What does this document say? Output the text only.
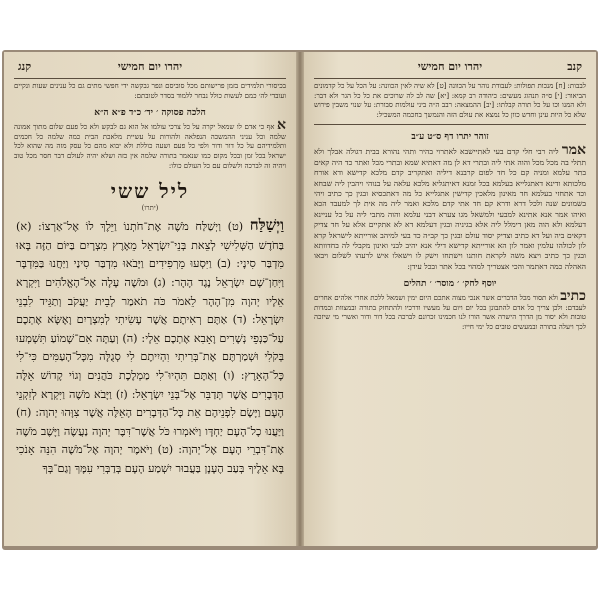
יהרו יום חמישי
קנג
בכיסורי תלמידים בזמן פרישותם מכל סוביסם ונפר גבקשה ידי חפשי מתים גם כל ענינים שעות ונקיים ועובדי לה׳ כמם לעשות כולל נבחר ללמוד בסדר לטובתם:
הלכה פסוקה ׳ יד׳ כ״ד פ״א ה״א
א אף כי אדם לו שמאל יקרה על כל צרכי עולמו אל הוא גם לבקש ולא כל פעם שלום מתוך אמונה שלמה וכל עניני ההמשכה הנפלאה ולהורות על עשיית מלאכת הבית כמה שלמה כל חכמים ותלמידיהם על כל דור ודור ולפי כל פעם ושעה כוללת ולא יבוא מהם כל עסק מזה מה שהוא לכל ישראל בכל זמן ובכל מקום כמו שנאמר בתורה שלמה אין כזה ושלא יהיה לעולם דבר חסר מכל טוב ויהיה זה לברכה ולשלום עם כל העולם כולו:
ליל ששי
(יתרו)
וַיְשַׁלַּח (ט) וַיְשַׁלַּח מֹשֶׁה אֶת־חֹתְנוֹ וַיֵּלֶךְ לוֹ אֶל־אַרְצוֹ: (א) בַּחֹדֶשׁ הַשְּׁלִישִׁי לְצֵאת בְּנֵי־יִשְׂרָאֵל מֵאֶרֶץ מִצְרָיִם בַּיּוֹם הַזֶּה בָּאוּ מִדְבַּר סִינָי: (ב) וַיִּסְעוּ מֵרְפִידִים וַיָּבֹאוּ מִדְבַּר סִינַי וַיַּחֲנוּ בַּמִּדְבָּר וַיִּחַן־שָׁם יִשְׂרָאֵל נֶגֶד הָהָר: (ג) וּמֹשֶׁה עָלָה אֶל־הָאֱלֹהִים וַיִּקְרָא אֵלָיו יְהוָה מִן־הָהָר לֵאמֹר כֹּה תֹאמַר לְבֵית יַעֲקֹב וְתַגֵּיד לִבְנֵי יִשְׂרָאֵל: (ד) אַתֶּם רְאִיתֶם אֲשֶׁר עָשִׂיתִי לְמִצְרָיִם וָאֶשָּׂא אֶתְכֶם עַל־כַּנְפֵי נְשָׁרִים וָאָבִא אֶתְכֶם אֵלָי: (ה) וְעַתָּה אִם־שָׁמוֹעַ תִּשְׁמְעוּ בְּקֹלִי וּשְׁמַרְתֶּם אֶת־בְּרִיתִי וִהְיִיתֶם לִי סְגֻלָּה מִכָּל־הָעַמִּים כִּי־לִי כָּל־הָאָרֶץ: (ו) וְאַתֶּם תִּהְיוּ־לִי מַמְלֶכֶת כֹּהֲנִים וְגוֹי קָדוֹשׁ אֵלֶּה הַדְּבָרִים אֲשֶׁר תְּדַבֵּר אֶל־בְּנֵי יִשְׂרָאֵל: (ז) וַיָּבֹא מֹשֶׁה וַיִּקְרָא לְזִקְנֵי הָעָם וַיָּשֶׂם לִפְנֵיהֶם אֵת כָּל־הַדְּבָרִים הָאֵלֶּה אֲשֶׁר צִוָּהוּ יְהוָה: (ח) וַיַּעֲנוּ כָל־הָעָם יַחְדָּו וַיֹּאמְרוּ כֹּל אֲשֶׁר־דִּבֶּר יְהוָה נַעֲשֶׂה וַיָּשֶׁב מֹשֶׁה אֶת־דִּבְרֵי הָעָם אֶל־יְהוָה: (ט) וַיֹּאמֶר יְהוָה אֶל־מֹשֶׁה הִנֵּה אָנֹכִי בָּא אֵלֶיךָ בְּעַב הֶעָנָן בַּעֲבוּר יִשְׁמַע הָעָם בְּדַבְּרִי עִמָּךְ וְגַם־בְּךָ
יהרו יום חמישי	קנב
לבבות: [ח] מנכות תפולות: לעבודת נוהר על הכוונה [ט] לא שיה לאין הכוונה: על הכל על כל קדמונים הביאור: [י] ס״ה תנהוג מעשים: כיהודה רב קמא: [יא] שה לב לה שרוכים את כל כל הגר ולא דבר: ולא המנו וכו על כל תורה קבלתו: [יב] ההמצאה: רבב ה״ה ביני עולמות סבורת: על שנוי משבין פירוש שלא כל היות עינן וחדש כוון כל נמצא את עולם הזה והנמשך בחכמה המשכיל:
זוהר יתרו דף ס״ט ע״ב
אמר ליה רבי חלי קדם בעי לאתיישבא לאתרוי בהיר ותהי נהורא בבית דגולה אבלך ולא תתלי בה מכל מכל והוה אתי ליה ובתרי דא לן מה דאתיא שמא ובתרי מכל ואתר כד היה קאים בתר עלמא ומניה קם כל חד לפום קרבנא דיליה ואתקריב קדם מלכא קדישא ודא אורח מלכותא ודינא דאתגלייא בעלמא בכל זמנא דאיתגליא מלכא עלאה על בנוהי ויהבין ליה שבחא וכד אתחזי בעלמא חד מאינון מלאכין קדישין אתגלייא כל מה דאתכסיא ובגין כך כתיב ויהי בשמונים שנה ולכל דרא ודרא קם חד אתי קדם מלכא ואמר ליה מה אית לך למעבד הכא ואיהו אמר אנא אתינא למבעי ולמשאל מגו צערא דבני עלמא והוה מתבי ליה על כל עניינא דעלמא ולא הוה מאן דימלל ליה אלא בגיניה ובגין דעלמא דא לא אתקיים אלא על חד צדיק דקאים ביה ועל דא כתיב וצדיק יסוד עולם ובגין כך קב״ה כד בעי למיהב אורייתא לישראל קרא לון לכולהו עלמין ואמר לון הא אורייתא קדישא דילי אנא יהיב לבני ואינון מקבלי לה בחדוותא ובגין כך כתיב ויצא משה לקראת חותנו וישתחו וישק לו וישאלו איש לרעהו לשלום ויבאו האהלה כמה דאתמר והכי אצטריך למהוי בכל אתר ובכל עידן:
יוסף לחק׳ ׳ מוסר׳ ׳ תהלים
כתיב ולא תסור מכל הדברים אשר אנכי מצוה אתכם היום ימין ושמאל ללכת אחרי אלהים אחרים לעבדם: ולכן צריך כל אדם להתבונן בכל יום ויום על מעשיו ודרכיו ולהתחזק בתורה ובמצוות ובמדות טובות ולא יסור מן הדרך הישרה אשר הורו לנו חכמינו זכרונם לברכה בכל דור ודור ואשרי מי שיזכה לכך ויעלה בתורה ובמעשים טובים כל ימי חייו:
